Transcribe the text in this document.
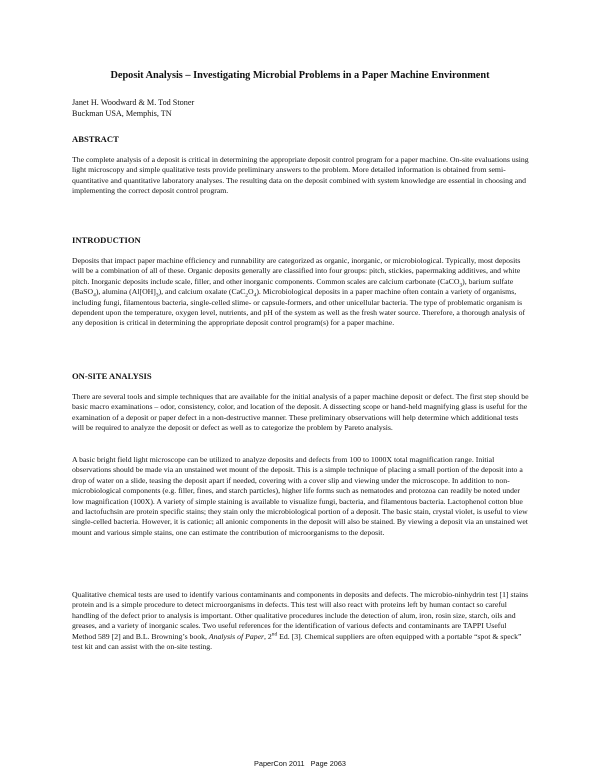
Deposit Analysis – Investigating Microbial Problems in a Paper Machine Environment
Janet H. Woodward & M. Tod Stoner
Buckman USA, Memphis, TN
ABSTRACT

The complete analysis of a deposit is critical in determining the appropriate deposit control program for a paper machine. On-site evaluations using light microscopy and simple qualitative tests provide preliminary answers to the problem. More detailed information is obtained from semi-quantitative and quantitative laboratory analyses. The resulting data on the deposit combined with system knowledge are essential in choosing and implementing the correct deposit control program.

INTRODUCTION

Deposits that impact paper machine efficiency and runnability are categorized as organic, inorganic, or microbiological. Typically, most deposits will be a combination of all of these. Organic deposits generally are classified into four groups: pitch, stickies, papermaking additives, and white pitch. Inorganic deposits include scale, filler, and other inorganic components. Common scales are calcium carbonate (CaCO$_3$), barium sulfate (BaSO$_4$), alumina $(Al[OH]_3)$, and calcium oxalate $(CaC_2O_4)$. Microbiological deposits in a paper machine often contain a variety of organisms, including fungi, filamentous bacteria, single-celled slime- or capsule-formers, and other unicellular bacteria. The type of problematic organism is dependent upon the temperature, oxygen level, nutrients, and pH of the system as well as the fresh water source. Therefore, a thorough analysis of any deposition is critical in determining the appropriate deposit control program(s) for a paper machine.

ON-SITE ANALYSIS

There are several tools and simple techniques that are available for the initial analysis of a paper machine deposit or defect. The first step should be basic macro examinations – odor, consistency, color, and location of the deposit. A dissecting scope or hand-held magnifying glass is useful for the examination of a deposit or paper defect in a non-destructive manner. These preliminary observations will help determine which additional tests will be required to analyze the deposit or defect as well as to categorize the problem by Pareto analysis.

A basic bright field light microscope can be utilized to analyze deposits and defects from 100 to 1000X total magnification range. Initial observations should be made via an unstained wet mount of the deposit. This is a simple technique of placing a small portion of the deposit into a drop of water on a slide, teasing the deposit apart if needed, covering with a cover slip and viewing under the microscope. In addition to non-microbiological components (e.g. filler, fines, and starch particles), higher life forms such as nematodes and protozoa can readily be noted under low magnification (100X). A variety of simple staining is available to visualize fungi, bacteria, and filamentous bacteria. Lactophenol cotton blue and lactofuchsin are protein specific stains; they stain only the microbiological portion of a deposit. The basic stain, crystal violet, is useful to view single-celled bacteria. However, it is cationic; all anionic components in the deposit will also be stained. By viewing a deposit via an unstained wet mount and various simple stains, one can estimate the contribution of microorganisms to the deposit.

Qualitative chemical tests are used to identify various contaminants and components in deposits and defects. The microbio-ninhydrin test [1] stains protein and is a simple procedure to detect microorganisms in defects. This test will also react with proteins left by human contact so careful handling of the defect prior to analysis is important. Other qualitative procedures include the detection of alum, iron, rosin size, starch, oils and greases, and a variety of inorganic scales. Two useful references for the identification of various defects and contaminants are TAPPI Useful Method 589 [2] and B.L. Browning’s book, Analysis of Paper, 2nd Ed. [3]. Chemical suppliers are often equipped with a portable “spot & speck” test kit and can assist with the on-site testing.

PaperCon 2011 Page 2063
